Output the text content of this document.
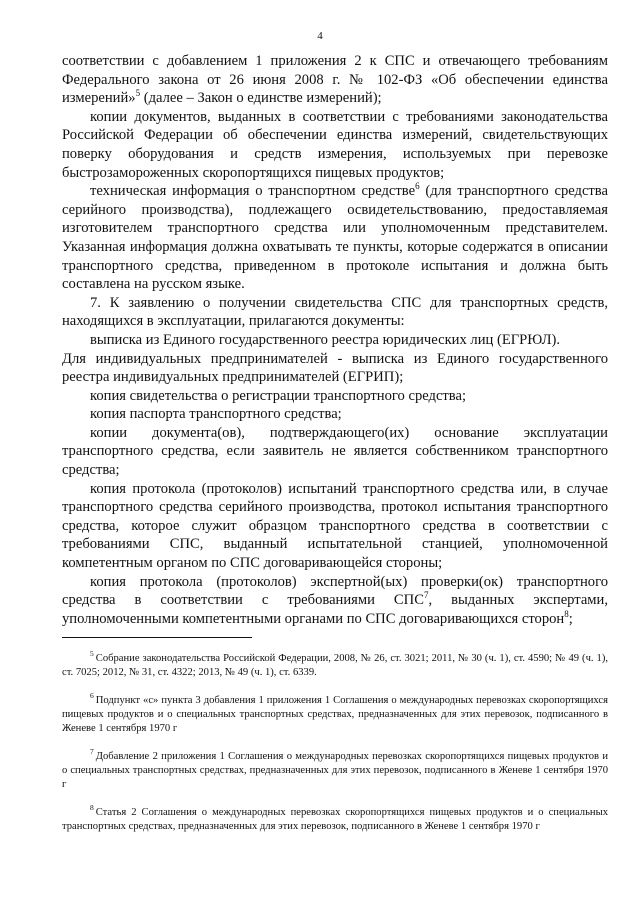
4

соответствии с добавлением 1 приложения 2 к СПС и отвечающего требованиям Федерального закона от 26 июня 2008 г. № 102-ФЗ «Об обеспечении единства измерений»$^5$ (далее – Закон о единстве измерений);

копии документов, выданных в соответствии с требованиями законодательства Российской Федерации об обеспечении единства измерений, свидетельствующих поверку оборудования и средств измерения, используемых при перевозке быстрозамороженных скоропортящихся пищевых продуктов;

техническая информация о транспортном средстве$^6$ (для транспортного средства серийного производства), подлежащего освидетельствованию, предоставляемая изготовителем транспортного средства или уполномоченным представителем. Указанная информация должна охватывать те пункты, которые содержатся в описании транспортного средства, приведенном в протоколе испытания и должна быть составлена на русском языке.

7. К заявлению о получении свидетельства СПС для транспортных средств, находящихся в эксплуатации, прилагаются документы:

выписка из Единого государственного реестра юридических лиц (ЕГРЮЛ).

Для индивидуальных предпринимателей - выписка из Единого государственного реестра индивидуальных предпринимателей (ЕГРИП);

копия свидетельства о регистрации транспортного средства;

копия паспорта транспортного средства;

копии документа(ов), подтверждающего(их) основание эксплуатации транспортного средства, если заявитель не является собственником транспортного средства;

копия протокола (протоколов) испытаний транспортного средства или, в случае транспортного средства серийного производства, протокол испытания транспортного средства, которое служит образцом транспортного средства в соответствии с требованиями СПС, выданный испытательной станцией, уполномоченной компетентным органом по СПС договаривающейся стороны;

копия протокола (протоколов) экспертной(ых) проверки(ок) транспортного средства в соответствии с требованиями СПС$^7$, выданных экспертами, уполномоченными компетентными органами по СПС договаривающихся сторон$^8$;

$^5$ Собрание законодательства Российской Федерации, 2008, № 26, ст. 3021; 2011, № 30 (ч. 1), ст. 4590; № 49 (ч. 1), ст. 7025; 2012, № 31, ст. 4322; 2013, № 49 (ч. 1), ст. 6339.

$^6$ Подпункт «с» пункта 3 добавления 1 приложения 1 Соглашения о международных перевозках скоропортящихся пищевых продуктов и о специальных транспортных средствах, предназначенных для этих перевозок, подписанного в Женеве 1 сентября 1970 г

$^7$ Добавление 2 приложения 1 Соглашения о международных перевозках скоропортящихся пищевых продуктов и о специальных транспортных средствах, предназначенных для этих перевозок, подписанного в Женеве 1 сентября 1970 г

$^8$ Статья 2 Соглашения о международных перевозках скоропортящихся пищевых продуктов и о специальных транспортных средствах, предназначенных для этих перевозок, подписанного в Женеве 1 сентября 1970 г
